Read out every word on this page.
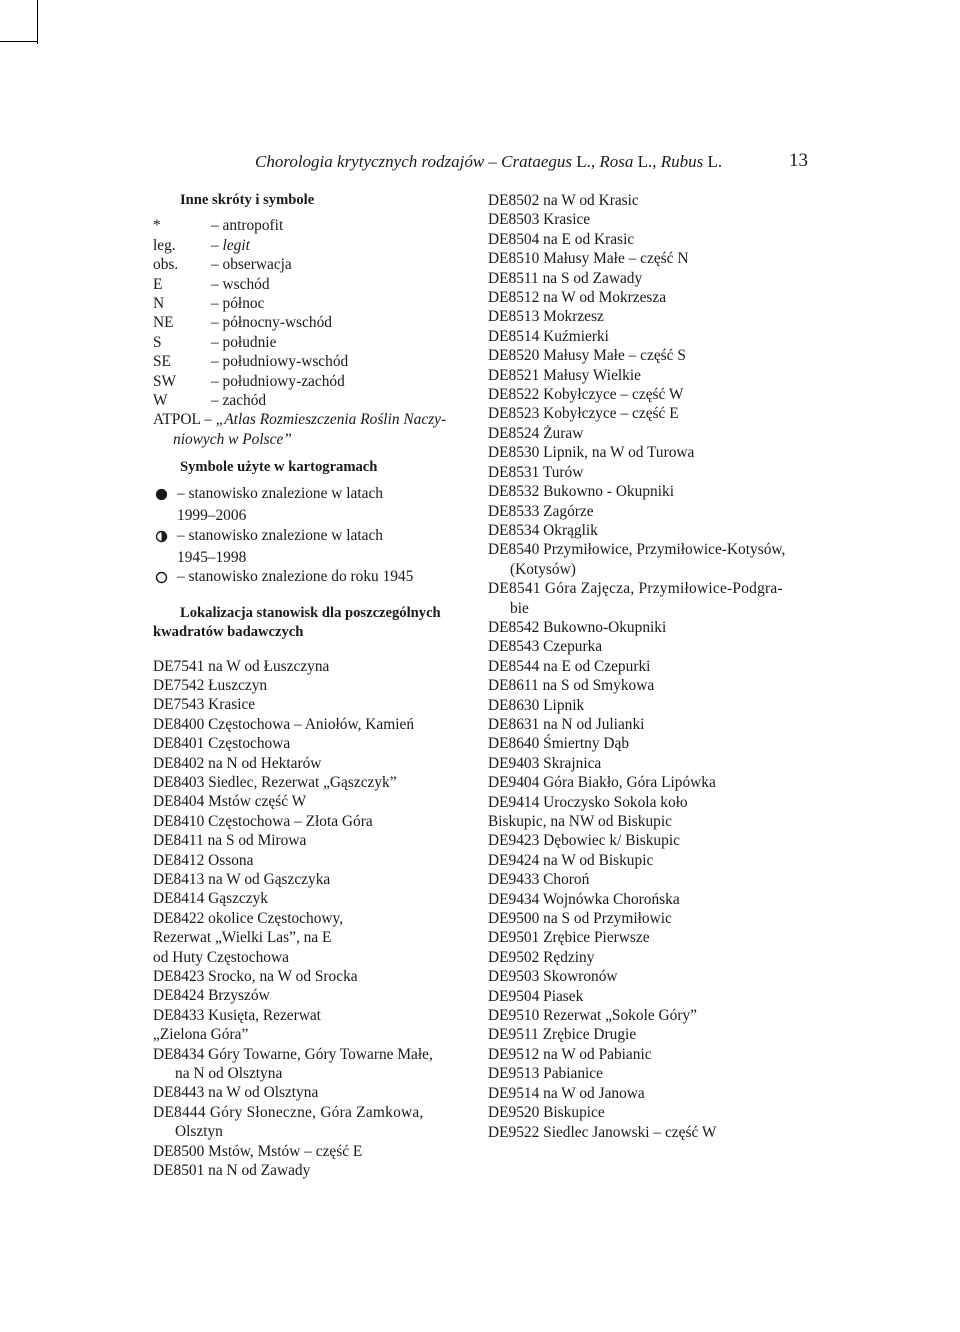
Chorologia krytycznych rodzajów – Crataegus L., Rosa L., Rubus L.	13
Inne skróty i symbole
*	– antropofit
leg.	– legit
obs.	– obserwacja
E	– wschód
N	– północ
NE	– północny-wschód
S	– południe
SE	– południowy-wschód
SW	– południowy-zachód
W	– zachód
ATPOL – „Atlas Rozmieszczenia Roślin Naczy-
niowych w Polsce”
Symbole użyte w kartogramach
– stanowisko znalezione w latach
1999–2006
– stanowisko znalezione w latach
1945–1998
– stanowisko znalezione do roku 1945
Lokalizacja stanowisk dla poszczególnych
kwadratów badawczych
DE7541 na W od Łuszczyna
DE7542 Łuszczyn
DE7543 Krasice
DE8400 Częstochowa – Aniołów, Kamień
DE8401 Częstochowa
DE8402 na N od Hektarów
DE8403 Siedlec, Rezerwat „Gąszczyk”
DE8404 Mstów część W
DE8410 Częstochowa – Złota Góra
DE8411 na S od Mirowa
DE8412 Ossona
DE8413 na W od Gąszczyka
DE8414 Gąszczyk
DE8422 okolice Częstochowy,
Rezerwat „Wielki Las”, na E
od Huty Częstochowa
DE8423 Srocko, na W od Srocka
DE8424 Brzyszów
DE8433 Kusięta, Rezerwat
„Zielona Góra”
DE8434 Góry Towarne, Góry Towarne Małe,
na N od Olsztyna
DE8443 na W od Olsztyna
DE8444 Góry Słoneczne, Góra Zamkowa,
Olsztyn
DE8500 Mstów, Mstów – część E
DE8501 na N od Zawady
DE8502 na W od Krasic
DE8503 Krasice
DE8504 na E od Krasic
DE8510 Małusy Małe – część N
DE8511 na S od Zawady
DE8512 na W od Mokrzesza
DE8513 Mokrzesz
DE8514 Kuźmierki
DE8520 Małusy Małe – część S
DE8521 Małusy Wielkie
DE8522 Kobyłczyce – część W
DE8523 Kobyłczyce – część E
DE8524 Żuraw
DE8530 Lipnik, na W od Turowa
DE8531 Turów
DE8532 Bukowno - Okupniki
DE8533 Zagórze
DE8534 Okrąglik
DE8540 Przymiłowice, Przymiłowice-Kotysów,
(Kotysów)
DE8541 Góra Zajęcza, Przymiłowice-Podgra-
bie
DE8542 Bukowno-Okupniki
DE8543 Czepurka
DE8544 na E od Czepurki
DE8611 na S od Smykowa
DE8630 Lipnik
DE8631 na N od Julianki
DE8640 Śmiertny Dąb
DE9403 Skrajnica
DE9404 Góra Biakło, Góra Lipówka
DE9414 Uroczysko Sokola koło
Biskupic, na NW od Biskupic
DE9423 Dębowiec k/ Biskupic
DE9424 na W od Biskupic
DE9433 Choroń
DE9434 Wojnówka Chorońska
DE9500 na S od Przymiłowic
DE9501 Zrębice Pierwsze
DE9502 Rędziny
DE9503 Skowronów
DE9504 Piasek
DE9510 Rezerwat „Sokole Góry”
DE9511 Zrębice Drugie
DE9512 na W od Pabianic
DE9513 Pabianice
DE9514 na W od Janowa
DE9520 Biskupice
DE9522 Siedlec Janowski – część W
